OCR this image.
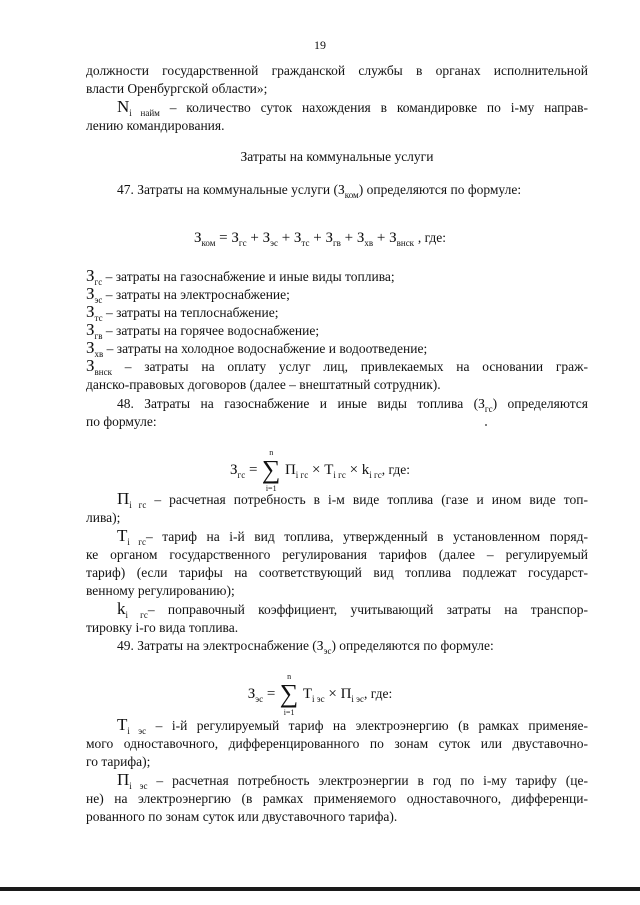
19
должности государственной гражданской службы в органах исполнительной
власти Оренбургской области»;
$N_{i найм}$ – количество суток нахождения в командировке по i-му направ-
лению командирования.
Затраты на коммунальные услуги
47. Затраты на коммунальные услуги $(З_{ком})$ определяются по формуле:
$З_{ком} = З_{гс} + З_{эс} + З_{тс} + З_{гв} + З_{хв} + З_{внск}$ , где:
$З_{гс}$ – затраты на газоснабжение и иные виды топлива;
$З_{эс}$ – затраты на электроснабжение;
$З_{тс}$ – затраты на теплоснабжение;
$З_{гв}$ – затраты на горячее водоснабжение;
$З_{хв}$ – затраты на холодное водоснабжение и водоотведение;
$З_{внск}$ – затраты на оплату услуг лиц, привлекаемых на основании граж-
данско-правовых договоров (далее – внештатный сотрудник).
48. Затраты на газоснабжение и иные виды топлива $(З_{гс})$ определяются
по формуле:
$З_{гс}$ =
n
∑
i=1
$П_{i гс} \times Т_{i гс} \times k_{i гс}$, где:
$П_{i гс}$ – расчетная потребность в i-м виде топлива (газе и ином виде топ-
лива);
$Т_{i гс}-$ тариф на i-й вид топлива, утвержденный в установленном поряд-
ке органом государственного регулирования тарифов (далее – регулируемый
тариф) (если тарифы на соответствующий вид топлива подлежат государст-
венному регулированию);
$k_{i гс}-$ поправочный коэффициент, учитывающий затраты на транспор-
тировку i-го вида топлива.
49. Затраты на электроснабжение $(З_{эс})$ определяются по формуле:
$З_{эс}$ =
n
∑
i=1
$Т_{i эс} \times П_{i эс}$, где:
$Т_{i эс} - i-й$ регулируемый тариф на электроэнергию (в рамках применяе-
мого одноставочного, дифференцированного по зонам суток или двуставочно-
го тарифа);
$П_{i эс}$ – расчетная потребность электроэнергии в год по i-му тарифу (це-
не) на электроэнергию (в рамках применяемого одноставочного, дифференци-
рованного по зонам суток или двуставочного тарифа).
